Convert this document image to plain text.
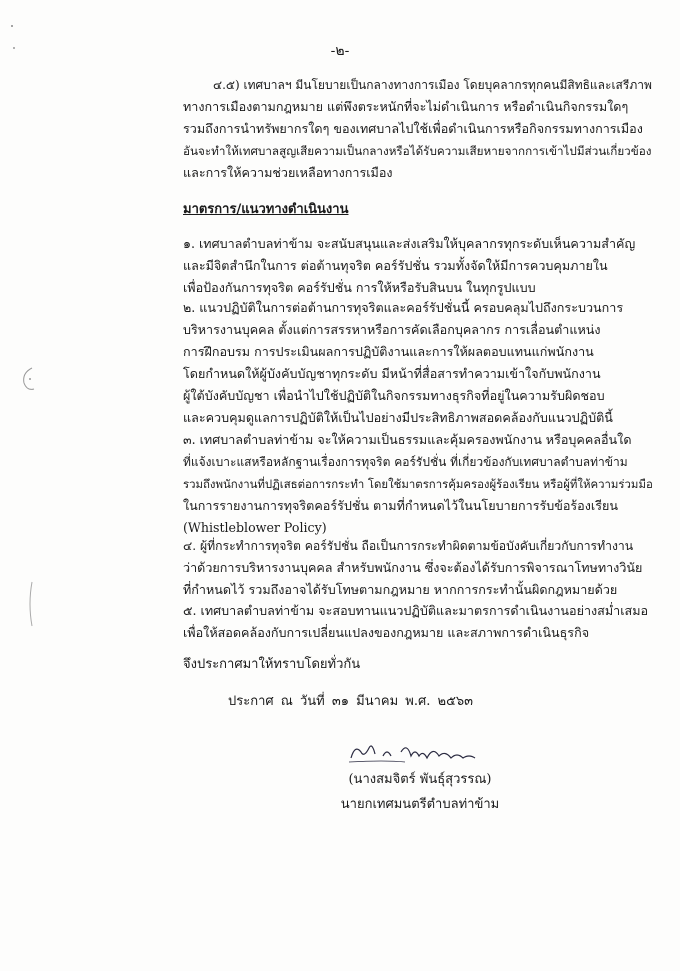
-๒-
๔.๕) เทศบาลฯ มีนโยบายเป็นกลางทางการเมือง โดยบุคลากรทุกคนมีสิทธิและเสรีภาพ
ทางการเมืองตามกฎหมาย แต่พึงตระหนักที่จะไม่ดำเนินการ หรือดำเนินกิจกรรมใดๆ
รวมถึงการนำทรัพยากรใดๆ ของเทศบาลไปใช้เพื่อดำเนินการหรือกิจกรรมทางการเมือง
อันจะทำให้เทศบาลสูญเสียความเป็นกลางหรือได้รับความเสียหายจากการเข้าไปมีส่วนเกี่ยวข้อง
และการให้ความช่วยเหลือทางการเมือง
มาตรการ/แนวทางดำเนินงาน
๑. เทศบาลตำบลท่าข้าม จะสนับสนุนและส่งเสริมให้บุคลากรทุกระดับเห็นความสำคัญ
และมีจิตสำนึกในการ ต่อต้านทุจริต คอร์รัปชั่น รวมทั้งจัดให้มีการควบคุมภายใน
เพื่อป้องกันการทุจริต คอร์รัปชั่น การให้หรือรับสินบน ในทุกรูปแบบ
๒. แนวปฏิบัติในการต่อต้านการทุจริตและคอร์รัปชั่นนี้ ครอบคลุมไปถึงกระบวนการ
บริหารงานบุคคล ตั้งแต่การสรรหาหรือการคัดเลือกบุคลากร การเลื่อนตำแหน่ง
การฝึกอบรม การประเมินผลการปฏิบัติงานและการให้ผลตอบแทนแก่พนักงาน
โดยกำหนดให้ผู้บังคับบัญชาทุกระดับ มีหน้าที่สื่อสารทำความเข้าใจกับพนักงาน
ผู้ใต้บังคับบัญชา เพื่อนำไปใช้ปฏิบัติในกิจกรรมทางธุรกิจที่อยู่ในความรับผิดชอบ
และควบคุมดูแลการปฏิบัติให้เป็นไปอย่างมีประสิทธิภาพสอดคล้องกับแนวปฏิบัตินี้
๓. เทศบาลตำบลท่าข้าม จะให้ความเป็นธรรมและคุ้มครองพนักงาน หรือบุคคลอื่นใด
ที่แจ้งเบาะแสหรือหลักฐานเรื่องการทุจริต คอร์รัปชั่น ที่เกี่ยวข้องกับเทศบาลตำบลท่าข้าม
รวมถึงพนักงานที่ปฏิเสธต่อการกระทำ โดยใช้มาตรการคุ้มครองผู้ร้องเรียน หรือผู้ที่ให้ความร่วมมือ
ในการรายงานการทุจริตคอร์รัปชั่น ตามที่กำหนดไว้ในนโยบายการรับข้อร้องเรียน
(Whistleblower Policy)
๔. ผู้ที่กระทำการทุจริต คอร์รัปชั่น ถือเป็นการกระทำผิดตามข้อบังคับเกี่ยวกับการทำงาน
ว่าด้วยการบริหารงานบุคคล สำหรับพนักงาน ซึ่งจะต้องได้รับการพิจารณาโทษทางวินัย
ที่กำหนดไว้ รวมถึงอาจได้รับโทษตามกฎหมาย หากการกระทำนั้นผิดกฎหมายด้วย
๕. เทศบาลตำบลท่าข้าม จะสอบทานแนวปฏิบัติและมาตรการดำเนินงานอย่างสม่ำเสมอ
เพื่อให้สอดคล้องกับการเปลี่ยนแปลงของกฎหมาย และสภาพการดำเนินธุรกิจ
จึงประกาศมาให้ทราบโดยทั่วกัน
ประกาศ ณ วันที่ ๓๑ มีนาคม พ.ศ. ๒๕๖๓
(นางสมจิตร์ พันธุ์สุวรรณ)
นายกเทศมนตรีตำบลท่าข้าม
